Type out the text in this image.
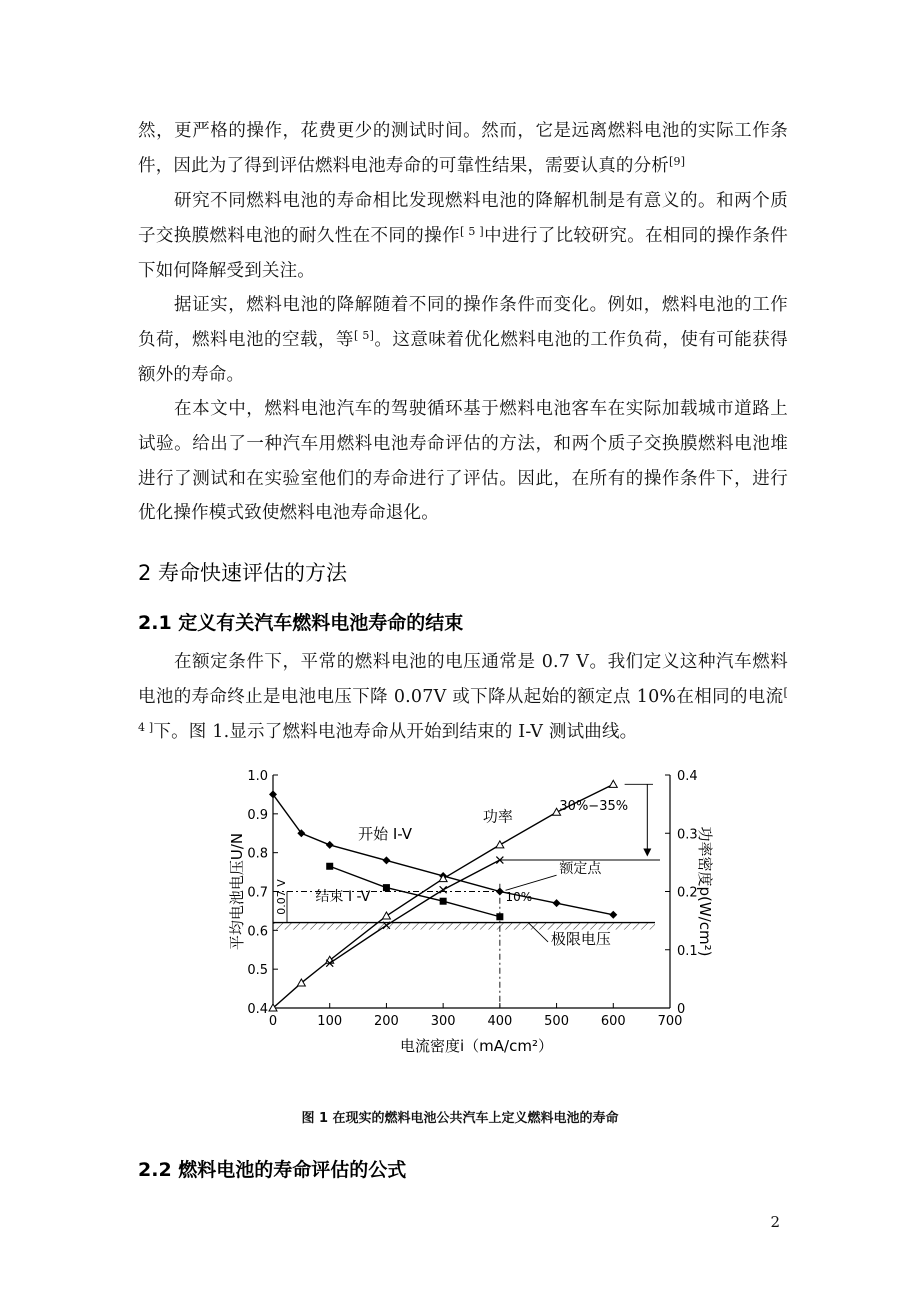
然，更严格的操作，花费更少的测试时间。然而，它是远离燃料电池的实际工作条件，因此为了得到评估燃料电池寿命的可靠性结果，需要认真的分析[9]

研究不同燃料电池的寿命相比发现燃料电池的降解机制是有意义的。和两个质子交换膜燃料电池的耐久性在不同的操作[ 5 ]中进行了比较研究。在相同的操作条件下如何降解受到关注。

据证实，燃料电池的降解随着不同的操作条件而变化。例如，燃料电池的工作负荷，燃料电池的空载，等[ 5]。这意味着优化燃料电池的工作负荷，使有可能获得额外的寿命。

在本文中，燃料电池汽车的驾驶循环基于燃料电池客车在实际加载城市道路上试验。给出了一种汽车用燃料电池寿命评估的方法，和两个质子交换膜燃料电池堆进行了测试和在实验室他们的寿命进行了评估。因此，在所有的操作条件下，进行优化操作模式致使燃料电池寿命退化。

2 寿命快速评估的方法
2.1 定义有关汽车燃料电池寿命的结束

在额定条件下，平常的燃料电池的电压通常是 0.7 V。我们定义这种汽车燃料电池的寿命终止是电池电压下降 0.07V 或下降从起始的额定点 10%在相同的电流[ 4 ]下。图 1.显示了燃料电池寿命从开始到结束的 I-V 测试曲线。

0	100 200 300 400 500 600 700
0.4
0.5
0.6
0.7
0.8
0.9
1.0
0
0.1
0.2
0.3
0.4
电流密度i（mA/cm²）
平均电池电压U/N	功率密度p(W/cm²)
30%−35%
0.07 V
开始 I-V
结束 I -V
功率
额定点
10%
极限电压
图 1 在现实的燃料电池公共汽车上定义燃料电池的寿命
2.2 燃料电池的寿命评估的公式
2
